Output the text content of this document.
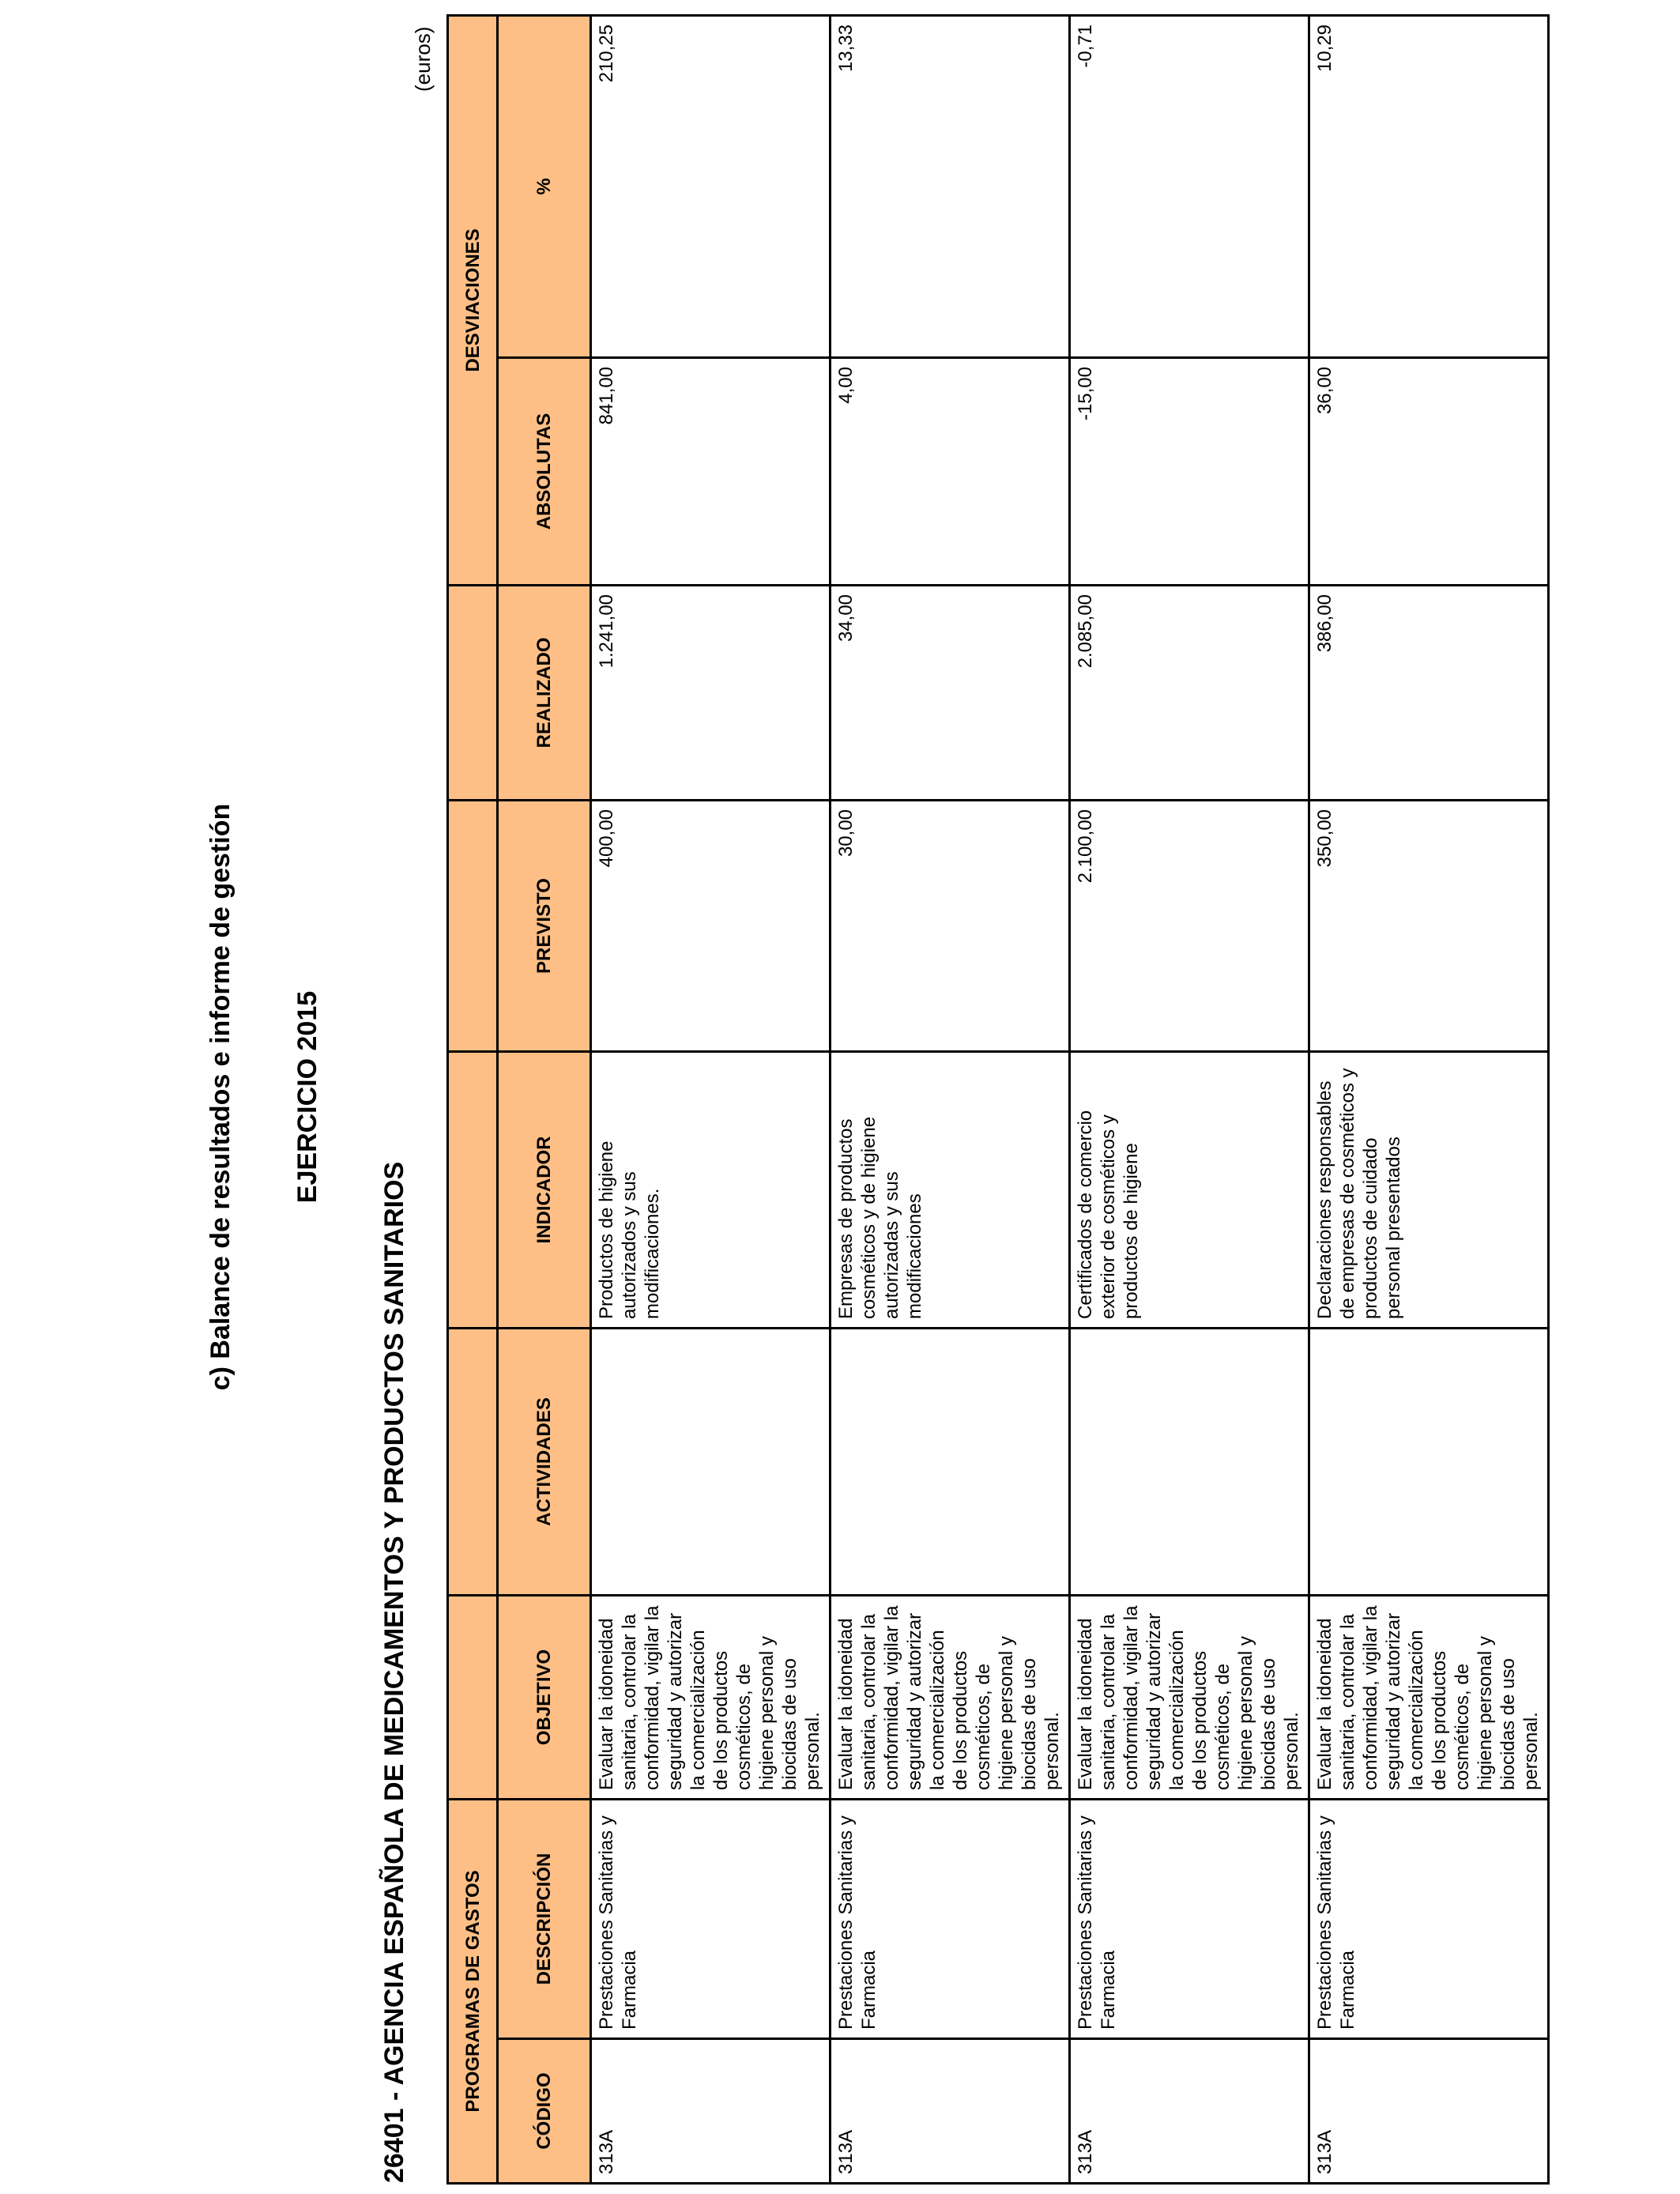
c) Balance de resultados e informe de gestión EJERCICIO 2015
26401 - AGENCIA ESPAÑOLA DE MEDICAMENTOS Y PRODUCTOS SANITARIOS
(euros)
PROGRAMAS DE GASTOS							DESVIACIONES	
CÓDIGO	DESCRIPCIÓN	OBJETIVO	ACTIVIDADES	INDICADOR	PREVISTO	REALIZADO	ABSOLUTAS	%
313A	Prestaciones Sanitarias y Farmacia	Evaluar la idoneidad sanitaria, controlar la conformidad, vigilar la seguridad y autorizar la comercialización de los productos cosméticos, de higiene personal y biocidas de uso personal.		Productos de higiene autorizados y sus modificaciones.	400,00	1.241,00	841,00	210,25
313A	Prestaciones Sanitarias y Farmacia	Evaluar la idoneidad sanitaria, controlar la conformidad, vigilar la seguridad y autorizar la comercialización de los productos cosméticos, de higiene personal y biocidas de uso personal.		Empresas de productos cosméticos y de higiene autorizadas y sus modificaciones	30,00	34,00	4,00	13,33
313A	Prestaciones Sanitarias y Farmacia	Evaluar la idoneidad sanitaria, controlar la conformidad, vigilar la seguridad y autorizar la comercialización de los productos cosméticos, de higiene personal y biocidas de uso personal.		Certificados de comercio exterior de cosméticos y productos de higiene	2.100,00	2.085,00	-15,00	-0,71
313A	Prestaciones Sanitarias y Farmacia	Evaluar la idoneidad sanitaria, controlar la conformidad, vigilar la seguridad y autorizar la comercialización de los productos cosméticos, de higiene personal y biocidas de uso personal.		Declaraciones responsables de empresas de cosméticos y productos de cuidado personal presentados	350,00	386,00	36,00	10,29
